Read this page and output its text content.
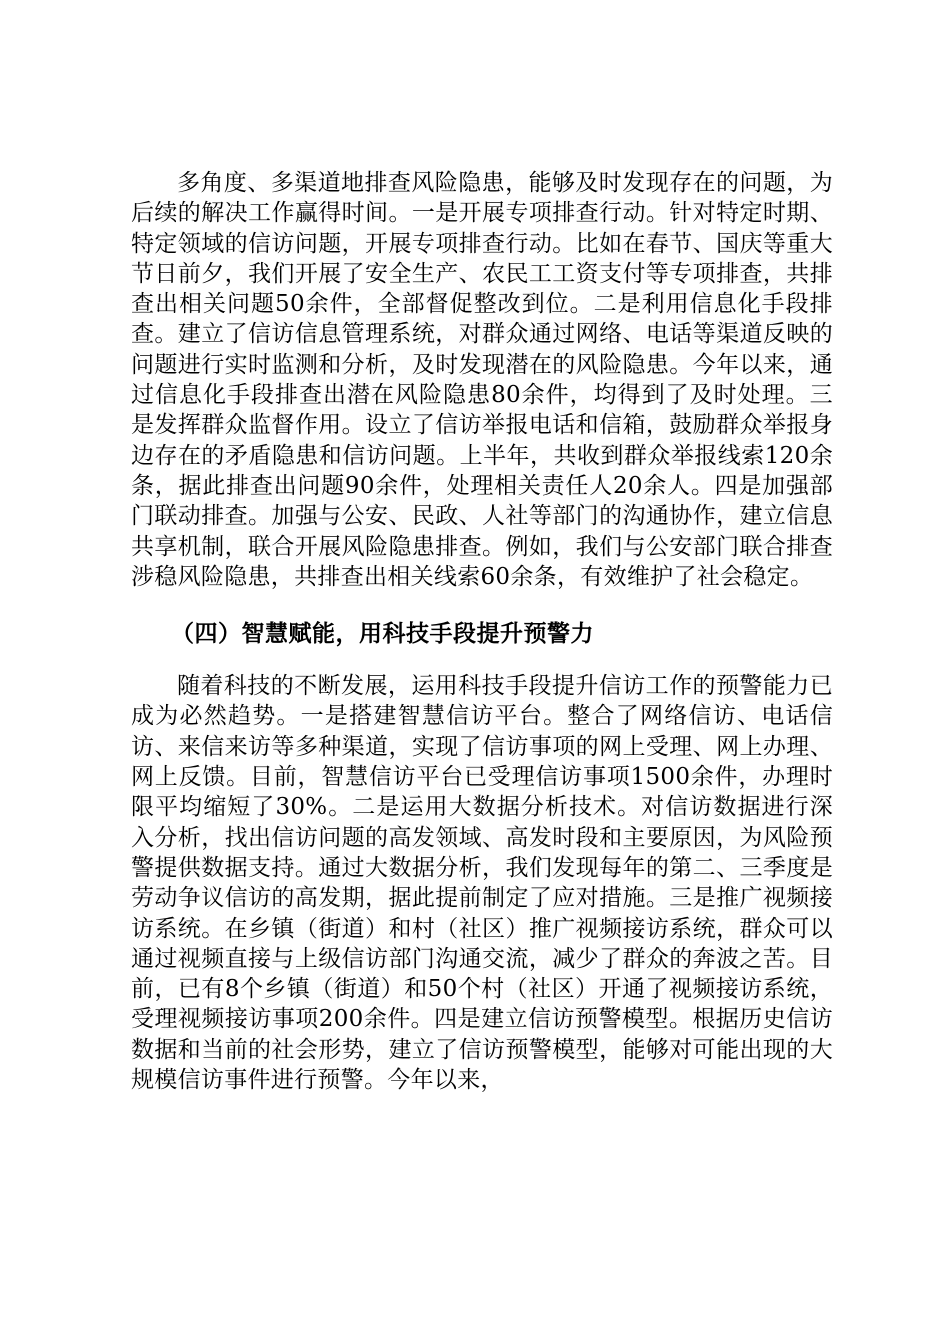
多角度、多渠道地排查风险隐患，能够及时发现存在的问题，为后续的解决工作赢得时间。一是开展专项排查行动。针对特定时期、特定领域的信访问题，开展专项排查行动。比如在春节、国庆等重大节日前夕，我们开展了安全生产、农民工工资支付等专项排查，共排查出相关问题50余件，全部督促整改到位。二是利用信息化手段排查。建立了信访信息管理系统，对群众通过网络、电话等渠道反映的问题进行实时监测和分析，及时发现潜在的风险隐患。今年以来，通过信息化手段排查出潜在风险隐患80余件，均得到了及时处理。三是发挥群众监督作用。设立了信访举报电话和信箱，鼓励群众举报身边存在的矛盾隐患和信访问题。上半年，共收到群众举报线索120余条，据此排查出问题90余件，处理相关责任人20余人。四是加强部门联动排查。加强与公安、民政、人社等部门的沟通协作，建立信息共享机制，联合开展风险隐患排查。例如，我们与公安部门联合排查涉稳风险隐患，共排查出相关线索60余条，有效维护了社会稳定。

（四）智慧赋能，用科技手段提升预警力

随着科技的不断发展，运用科技手段提升信访工作的预警能力已成为必然趋势。一是搭建智慧信访平台。整合了网络信访、电话信访、来信来访等多种渠道，实现了信访事项的网上受理、网上办理、网上反馈。目前，智慧信访平台已受理信访事项1500余件，办理时限平均缩短了30%。二是运用大数据分析技术。对信访数据进行深入分析，找出信访问题的高发领域、高发时段和主要原因，为风险预警提供数据支持。通过大数据分析，我们发现每年的第二、三季度是劳动争议信访的高发期，据此提前制定了应对措施。三是推广视频接访系统。在乡镇（街道）和村（社区）推广视频接访系统，群众可以通过视频直接与上级信访部门沟通交流，减少了群众的奔波之苦。目前，已有8个乡镇（街道）和50个村（社区）开通了视频接访系统，受理视频接访事项200余件。四是建立信访预警模型。根据历史信访数据和当前的社会形势，建立了信访预警模型，能够对可能出现的大规模信访事件进行预警。今年以来，
